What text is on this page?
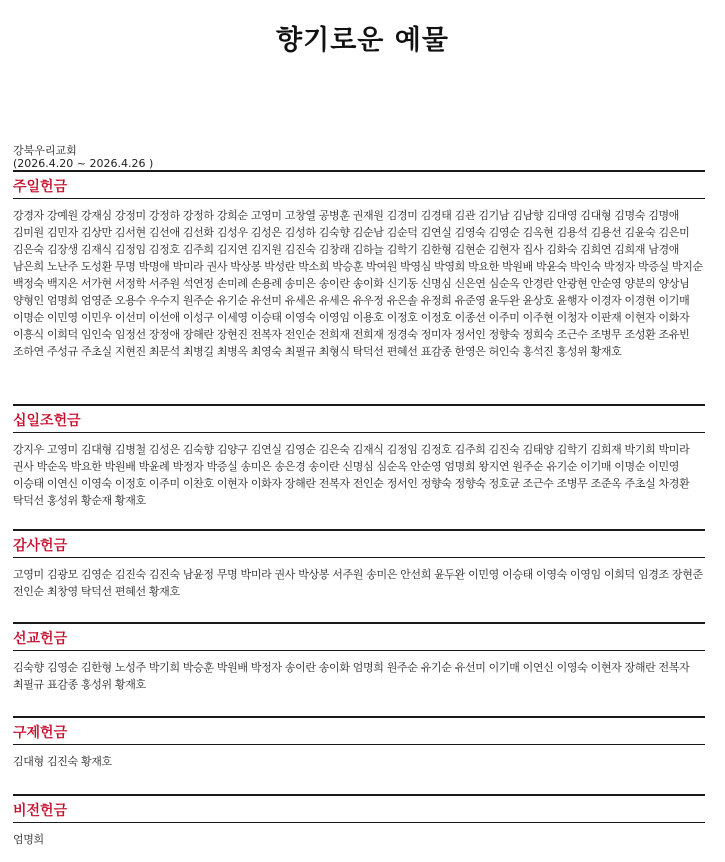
향기로운 예물
강북우리교회
(2026.4.20 ~ 2026.4.26 )
주일헌금
강경자 강예원 강재심 강정미 강정하 강정하 강희순 고영미 고창열 공병훈 권재원 김경미 김경태 김관 김기남 김남향 김대영 김대형 김명숙 김명애 김미원 김민자 김상만 김서현 김선애 김선화 김성우 김성은 김성하 김숙향 김순남 김순덕 김연실 김영숙 김영순 김옥현 김용석 김용선 김윤숙 김은미 김은숙 김장생 김재식 김정임 김정호 김주희 김지연 김지원 김진숙 김창래 김하늘 김학기 김한형 김현순 김현자 집사 김화숙 김희연 김희재 남경애 남은희 노난주 도성환 무명 박명애 박미라 권사 박상봉 박성란 박소희 박승훈 박여원 박영심 박영희 박요한 박원배 박윤숙 박인숙 박정자 박증실 박지순 백정숙 백지은 서가현 서정학 서주원 석연정 손미례 손용례 송미은 송이란 송이화 신기동 신명심 신은연 심순옥 안경란 안광현 안순영 양분의 양상님 양형인 엄명희 엄영준 오용수 우수지 원주순 유기순 유선미 유세은 유세은 유우정 유은솔 유정희 유준영 윤두완 윤상호 윤행자 이경자 이경현 이기매 이명순 이민영 이민우 이선미 이선애 이성구 이세영 이승태 이영숙 이영임 이용호 이정호 이정호 이종선 이주미 이주현 이청자 이판재 이현자 이화자 이흥식 이희덕 임인숙 임정선 장정애 장해란 장현진 전복자 전인순 전희재 전희재 정경숙 정미자 정서인 정향숙 정희숙 조근수 조병무 조성환 조유빈 조하연 주성규 주초실 지현진 최문석 최병길 최병옥 최영숙 최필규 최형식 탁덕선 편혜선 표감종 한영은 허인숙 홍석진 홍성위 황재호
십일조헌금
강지우 고영미 김대형 김병철 김성은 김숙향 김양구 김연실 김영순 김은숙 김재식 김정임 김정호 김주희 김진숙 김태양 김학기 김희재 박기희 박미라 권사 박순옥 박요한 박원배 박윤례 박정자 박증실 송미은 송은경 송이란 신명심 심순옥 안순영 엄명희 왕지연 원주순 유기순 이기매 이명순 이민영 이승태 이연신 이영숙 이정호 이주미 이찬호 이현자 이화자 장해란 전복자 전인순 정서인 정향숙 정향숙 정호균 조근수 조병무 조준옥 주초실 차경환 탁덕선 홍성위 황순재 황재호
감사헌금
고영미 김광모 김영순 김진숙 김진숙 남윤정 무명 박미라 권사 박상봉 서주원 송미은 안선희 윤두완 이민영 이승태 이영숙 이영임 이희덕 임경조 장현준 전인순 최창영 탁덕선 편혜선 황재호
선교헌금
김숙향 김영순 김한형 노성주 박기희 박승훈 박원배 박정자 송이란 송이화 엄명희 원주순 유기순 유선미 이기매 이연신 이영숙 이현자 장해란 전복자 최필규 표감종 홍성위 황재호
구제헌금
김대형 김진숙 황재호
비전헌금
엄명희
